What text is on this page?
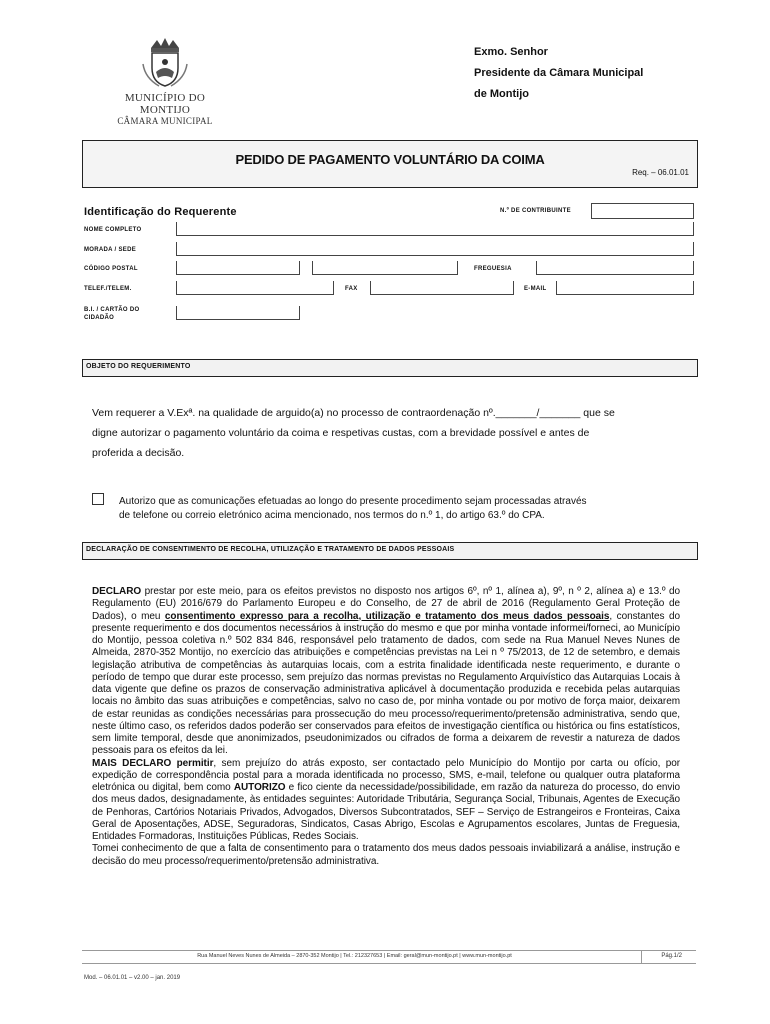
MUNICÍPIO DO MONTIJO
CÂMARA MUNICIPAL
Exmo. Senhor
Presidente da Câmara Municipal
de Montijo
PEDIDO DE PAGAMENTO VOLUNTÁRIO DA COIMA
Req. – 06.01.01
Identificação do Requerente	N.º DE CONTRIBUINTE
NOME COMPLETO
MORADA / SEDE
CÓDIGO POSTAL	FREGUESIA
TELEF./TELEM.	FAX	E-MAIL
B.I. / CARTÃO DO
CIDADÃO
OBJETO DO REQUERIMENTO
Vem requerer a V.Exª. na qualidade de arguido(a) no processo de contraordenação nº._______/_______ que se
digne autorizar o pagamento voluntário da coima e respetivas custas, com a brevidade possível e antes de
proferida a decisão.
Autorizo que as comunicações efetuadas ao longo do presente procedimento sejam processadas através
de telefone ou correio eletrónico acima mencionado, nos termos do n.º 1, do artigo 63.º do CPA.
DECLARAÇÃO DE CONSENTIMENTO DE RECOLHA, UTILIZAÇÃO E TRATAMENTO DE DADOS PESSOAIS
DECLARO prestar por este meio, para os efeitos previstos no disposto nos artigos 6º, nº 1, alínea a), 9º, n º 2, alínea a) e 13.º do Regulamento (EU) 2016/679 do Parlamento Europeu e do Conselho, de 27 de abril de 2016 (Regulamento Geral Proteção de Dados), o meu consentimento expresso para a recolha, utilização e tratamento dos meus dados pessoais, constantes do presente requerimento e dos documentos necessários à instrução do mesmo e que por minha vontade informei/forneci, ao Município do Montijo, pessoa coletiva n.º 502 834 846, responsável pelo tratamento de dados, com sede na Rua Manuel Neves Nunes de Almeida, 2870-352 Montijo, no exercício das atribuições e competências previstas na Lei n º 75/2013, de 12 de setembro, e demais legislação atributiva de competências às autarquias locais, com a estrita finalidade identificada neste requerimento, e durante o período de tempo que durar este processo, sem prejuízo das normas previstas no Regulamento Arquivístico das Autarquias Locais à data vigente que define os prazos de conservação administrativa aplicável à documentação produzida e recebida pelas autarquias locais no âmbito das suas atribuições e competências, salvo no caso de, por minha vontade ou por motivo de força maior, deixarem de estar reunidas as condições necessárias para prossecução do meu processo/requerimento/pretensão administrativa, sendo que, neste último caso, os referidos dados poderão ser conservados para efeitos de investigação científica ou histórica ou fins estatísticos, sem limite temporal, desde que anonimizados, pseudonimizados ou cifrados de forma a deixarem de revestir a natureza de dados pessoais para os efeitos da lei.
MAIS DECLARO permitir, sem prejuízo do atrás exposto, ser contactado pelo Município do Montijo por carta ou ofício, por expedição de correspondência postal para a morada identificada no processo, SMS, e-mail, telefone ou qualquer outra plataforma eletrónica ou digital, bem como AUTORIZO e fico ciente da necessidade/possibilidade, em razão da natureza do processo, do envio dos meus dados, designadamente, às entidades seguintes: Autoridade Tributária, Segurança Social, Tribunais, Agentes de Execução de Penhoras, Cartórios Notariais Privados, Advogados, Diversos Subcontratados, SEF – Serviço de Estrangeiros e Fronteiras, Caixa Geral de Aposentações, ADSE, Seguradoras, Sindicatos, Casas Abrigo, Escolas e Agrupamentos escolares, Juntas de Freguesia, Entidades Formadoras, Instituições Públicas, Redes Sociais.
Tomei conhecimento de que a falta de consentimento para o tratamento dos meus dados pessoais inviabilizará a análise, instrução e decisão do meu processo/requerimento/pretensão administrativa.
Rua Manuel Neves Nunes de Almeida – 2870-352 Montijo | Tel.: 212327653 | Email: geral@mun-montijo.pt | www.mun-montijo.pt	Pág.1/2
Mod. – 06.01.01 – v2.00 – jan. 2019
